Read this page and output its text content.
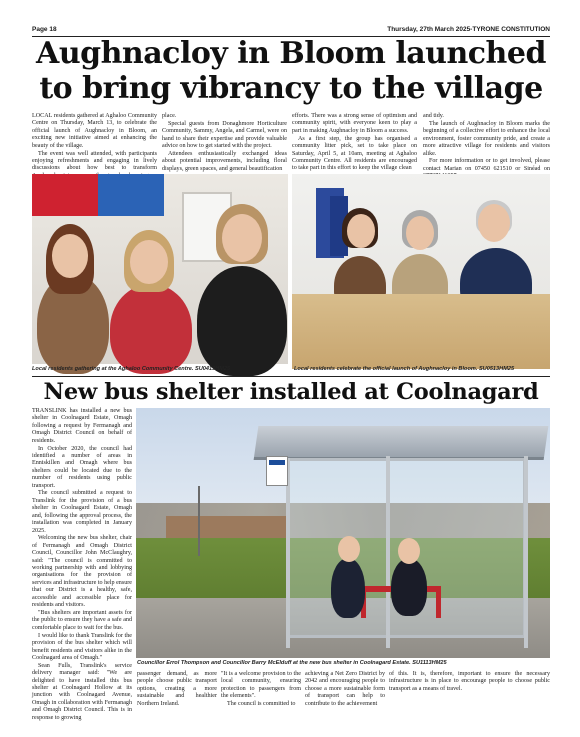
Page 18	Thursday, 27th March 2025-TYRONE CONSTITUTION
Aughnacloy in Bloom launched to bring vibrancy to the village

LOCAL residents gathered at Aghaloo Community Centre on Thursday, March 13, to celebrate the official launch of Aughnacloy in Bloom, an exciting new initiative aimed at enhancing the beauty of the village.

The event was well attended, with participants enjoying refreshments and engaging in lively discussions about how best to transform

place.

Special guests from Donaghmore Horticulture Community, Sammy, Angela, and Carmel, were on hand to share their expertise and provide valuable advice on how to get started with the project.

Attendees enthusiastically exchanged ideas about potential improvements, including floral displays, green spaces, and general beautification

efforts. There was a strong sense of optimism and community spirit, with everyone keen to play a part in making Aughnacloy in Bloom a success.

As a first step, the group has organised a community litter pick, set to take place on Saturday, April 5, at 10am, meeting at Aghaloo Community Centre. All residents are encouraged to take part in this effort to keep the village clean

and tidy.

The launch of Aughnacloy in Bloom marks the beginning of a collective effort to enhance the local environment, foster community pride, and create a more attractive village for residents and visitors alike.

For more information or to get involved, please contact Marian on 07450 621510 or Sinéad on

Local residents gathering at the Aghaloo Community Centre. SU0413HM25	Local residents celebrate the official launch of Aughnacloy in Bloom. SU0513HM25
New bus shelter installed at Coolnagard

TRANSLINK has installed a new bus shelter in Coolnagard Estate, Omagh following a request by Fermanagh and Omagh District Council on behalf of residents.

In October 2020, the council had identified a number of areas in Enniskillen and Omagh where bus shelters could be located due to the number of residents using public transport.

The council submitted a request to Translink for the provision of a bus shelter in Coolnagard Estate, Omagh and, following the approval process, the installation was completed in January 2025.

Welcoming the new bus shelter, chair of Fermanagh and Omagh District Council, Councillor John McClaughry, said: "The council is committed to working partnership with and lobbying organisations for the provision of services and infrastructure to help ensure that our District is a healthy, safe, accessible and accessible place for residents and visitors.

"Bus shelters are important assets for the public to ensure they have a safe and comfortable place to wait for the bus.

I would like to thank Translink for the provision of the bus shelter which will benefit residents and visitors alike in the Coolnagard area of Omagh."

Sean Fulls, Translink's service delivery manager said: "We are delighted to have installed this bus shelter at Coolnagard Hollow at its junction with Coolnagard Avenue, Omagh in collaboration with Fermanagh and Omagh District Council. This is in response to growing

Councillor Errol Thompson and Councillor Barry McElduff at the new bus shelter in Coolnagard Estate. SU1113HM25

passenger demand, as more people choose public transport options, creating a more sustainable and healthier Northern Ireland.

"It is a welcome provision to the local community, ensuring protection to passengers from the elements".

The council is committed to

achieving a Net Zero District by 2042 and encouraging people to choose a more sustainable form of transport can help to contribute to the achievement

of this. It is, therefore, important to ensure the necessary infrastructure is in place to encourage people to choose public transport as a means of travel.
